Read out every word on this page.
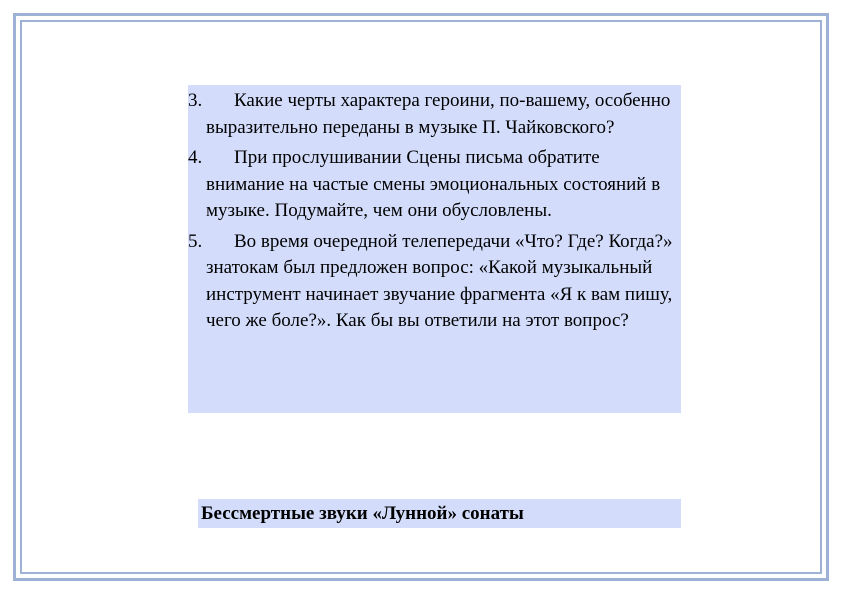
3.	Какие черты характера героини, по-вашему, особенно выразительно переданы в музыке П. Чайковского?
4.	При прослушивании Сцены письма обратите внимание на частые смены эмоциональных состояний в музыке. Подумайте, чем они обусловлены.
5.	Во время очередной телепередачи «Что? Где? Когда?» знатокам был предложен вопрос: «Какой музыкальный инструмент начинает звучание фрагмента «Я к вам пишу, чего же боле?». Как бы вы ответили на этот вопрос?
Бессмертные звуки «Лунной» сонаты
